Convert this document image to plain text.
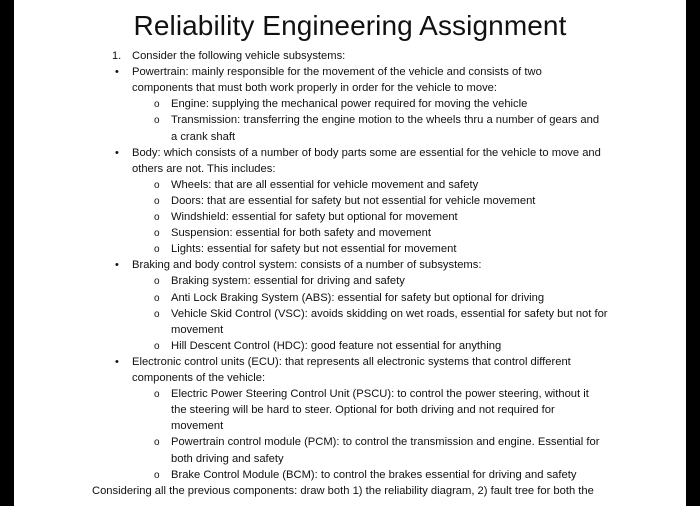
Reliability Engineering Assignment
1. Consider the following vehicle subsystems:
• Powertrain: mainly responsible for the movement of the vehicle and consists of two
components that must both work properly in order for the vehicle to move:
o Engine: supplying the mechanical power required for moving the vehicle
o Transmission: transferring the engine motion to the wheels thru a number of gears and
a crank shaft
• Body: which consists of a number of body parts some are essential for the vehicle to move and
others are not. This includes:
o Wheels: that are all essential for vehicle movement and safety
o Doors: that are essential for safety but not essential for vehicle movement
o Windshield: essential for safety but optional for movement
o Suspension: essential for both safety and movement
o Lights: essential for safety but not essential for movement
• Braking and body control system: consists of a number of subsystems:
o Braking system: essential for driving and safety
o Anti Lock Braking System (ABS): essential for safety but optional for driving
o Vehicle Skid Control (VSC): avoids skidding on wet roads, essential for safety but not for
movement
o Hill Descent Control (HDC): good feature not essential for anything
• Electronic control units (ECU): that represents all electronic systems that control different
components of the vehicle:
o Electric Power Steering Control Unit (PSCU): to control the power steering, without it
the steering will be hard to steer. Optional for both driving and not required for
movement
o Powertrain control module (PCM): to control the transmission and engine. Essential for
both driving and safety
o Brake Control Module (BCM): to control the brakes essential for driving and safety
Considering all the previous components: draw both 1) the reliability diagram, 2) fault tree for both the
